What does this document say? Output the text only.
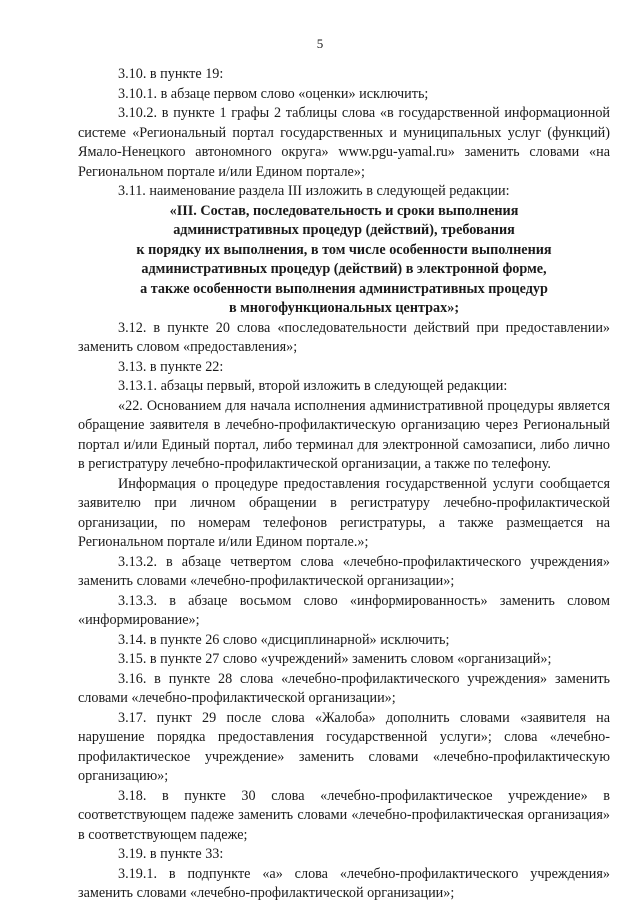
5

3.10. в пункте 19:

3.10.1. в абзаце первом слово «оценки» исключить;

3.10.2. в пункте 1 графы 2 таблицы слова «в государственной информационной системе «Региональный портал государственных и муниципальных услуг (функций) Ямало-Ненецкого автономного округа» www.pgu-yamal.ru» заменить словами «на Региональном портале и/или Едином портале»;

3.11. наименование раздела III изложить в следующей редакции:

«III. Состав, последовательность и сроки выполнения
административных процедур (действий), требования
к порядку их выполнения, в том числе особенности выполнения
административных процедур (действий) в электронной форме,
а также особенности выполнения административных процедур
в многофункциональных центрах»;

3.12. в пункте 20 слова «последовательности действий при предоставлении» заменить словом «предоставления»;

3.13. в пункте 22:

3.13.1. абзацы первый, второй изложить в следующей редакции:

«22. Основанием для начала исполнения административной процедуры является обращение заявителя в лечебно-профилактическую организацию через Региональный портал и/или Единый портал, либо терминал для электронной самозаписи, либо лично в регистратуру лечебно-профилактической организации, а также по телефону.

Информация о процедуре предоставления государственной услуги сообщается заявителю при личном обращении в регистратуру лечебно-профилактической организации, по номерам телефонов регистратуры, а также размещается на Региональном портале и/или Едином портале.»;

3.13.2. в абзаце четвертом слова «лечебно-профилактического учреждения» заменить словами «лечебно-профилактической организации»;

3.13.3. в абзаце восьмом слово «информированность» заменить словом «информирование»;

3.14. в пункте 26 слово «дисциплинарной» исключить;

3.15. в пункте 27 слово «учреждений» заменить словом «организаций»;

3.16. в пункте 28 слова «лечебно-профилактического учреждения» заменить словами «лечебно-профилактической организации»;

3.17. пункт 29 после слова «Жалоба» дополнить словами «заявителя на нарушение порядка предоставления государственной услуги»; слова «лечебно-профилактическое учреждение» заменить словами «лечебно-профилактическую организацию»;

3.18. в пункте 30 слова «лечебно-профилактическое учреждение» в соответствующем падеже заменить словами «лечебно-профилактическая организация» в соответствующем падеже;

3.19. в пункте 33:

3.19.1. в подпункте «а» слова «лечебно-профилактического учреждения» заменить словами «лечебно-профилактической организации»;
